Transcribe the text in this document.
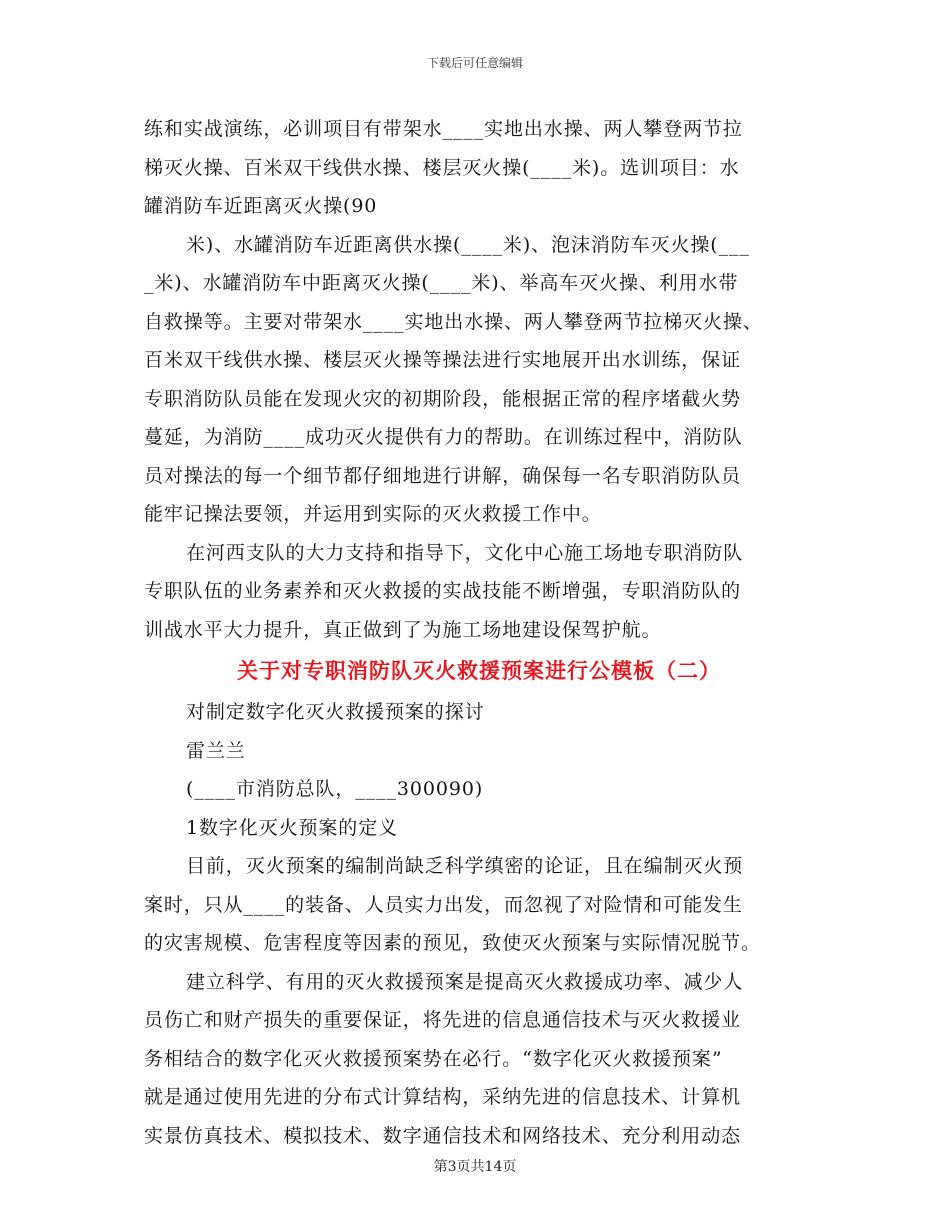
下载后可任意编辑
练和实战演练，必训项目有带架水____实地出水操、两人攀登两节拉
梯灭火操、百米双干线供水操、楼层灭火操(____米)。选训项目：水
罐消防车近距离灭火操(90
米)、水罐消防车近距离供水操(____米)、泡沫消防车灭火操(___
_米)、水罐消防车中距离灭火操(____米)、举高车灭火操、利用水带
自救操等。主要对带架水____实地出水操、两人攀登两节拉梯灭火操、
百米双干线供水操、楼层灭火操等操法进行实地展开出水训练，保证
专职消防队员能在发现火灾的初期阶段，能根据正常的程序堵截火势
蔓延，为消防____成功灭火提供有力的帮助。在训练过程中，消防队
员对操法的每一个细节都仔细地进行讲解，确保每一名专职消防队员
能牢记操法要领，并运用到实际的灭火救援工作中。
在河西支队的大力支持和指导下，文化中心施工场地专职消防队
专职队伍的业务素养和灭火救援的实战技能不断增强，专职消防队的
训战水平大力提升，真正做到了为施工场地建设保驾护航。
关于对专职消防队灭火救援预案进行公模板（二）
对制定数字化灭火救援预案的探讨
雷兰兰
(____市消防总队，____300090)
1数字化灭火预案的定义
目前，灭火预案的编制尚缺乏科学缜密的论证，且在编制灭火预
案时，只从____的装备、人员实力出发，而忽视了对险情和可能发生
的灾害规模、危害程度等因素的预见，致使灭火预案与实际情况脱节。
建立科学、有用的灭火救援预案是提高灭火救援成功率、减少人
员伤亡和财产损失的重要保证，将先进的信息通信技术与灭火救援业
务相结合的数字化灭火救援预案势在必行。“数字化灭火救援预案”
就是通过使用先进的分布式计算结构，采纳先进的信息技术、计算机
实景仿真技术、模拟技术、数字通信技术和网络技术、充分利用动态
第3页共14页
